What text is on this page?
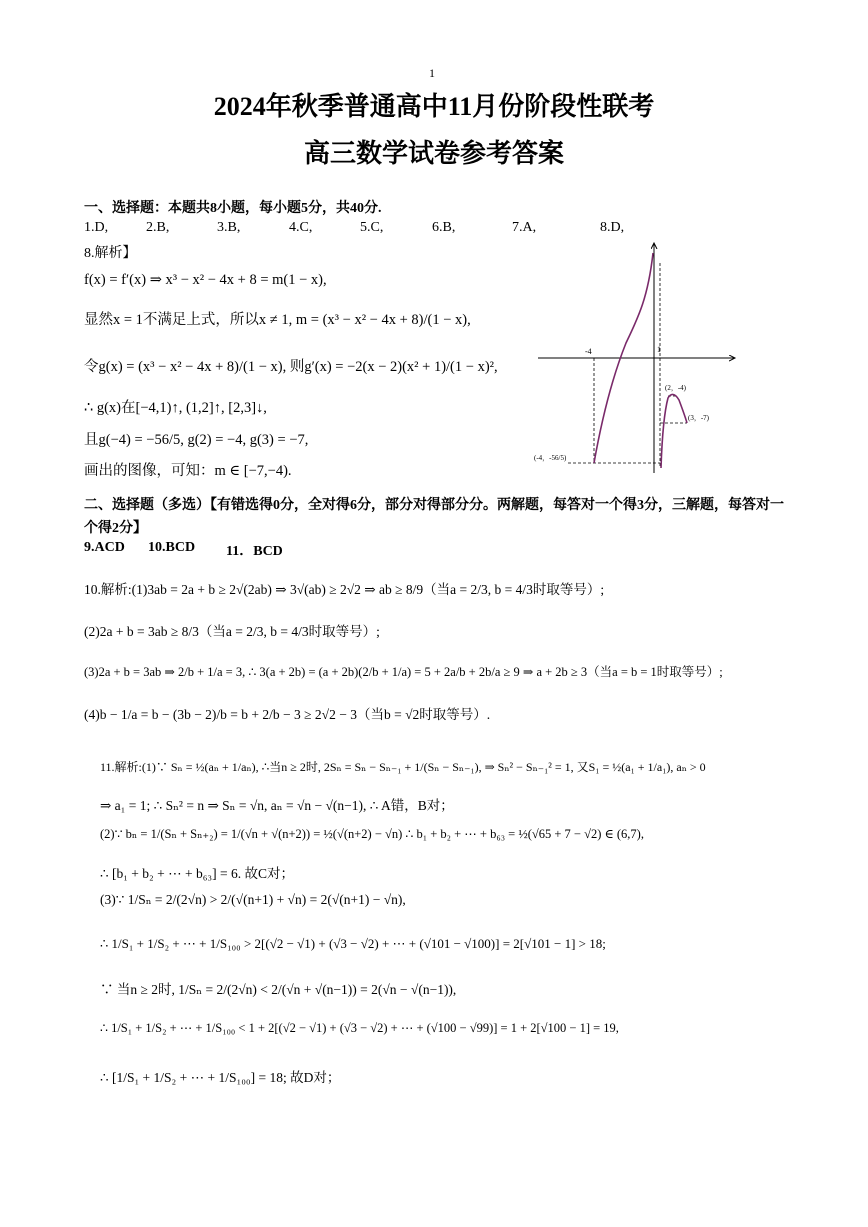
1
2024年秋季普通高中11月份阶段性联考
高三数学试卷参考答案
一、选择题：本题共8小题，每小题5分，共40分.
1.D,	2.B,	3.B,	4.C,	5.C,	6.B,	7.A,	8.D,
8.解析】
f(x) = f′(x) ⇒ x³ − x² − 4x + 8 = m(1 − x),
显然x = 1不满足上式，所以x ≠ 1, m = (x³ − x² − 4x + 8)/(1 − x),
令g(x) = (x³ − x² − 4x + 8)/(1 − x), 则g′(x) = −2(x − 2)(x² + 1)/(1 − x)²,
∴ g(x)在[−4,1)↑, (1,2]↑, [2,3]↓,
且g(−4) = −56/5, g(2) = −4, g(3) = −7,
画出的图像，可知：m ∈ [−7,−4).
-4	1
(2，-4)
(3，-7)
(-4，-56/5)
二、选择题（多选）【有错选得0分，全对得6分，部分对得部分分。两解题，每答对一个得3分，三解题，每答对一个得2分】
9.ACD 10.BCD 11．BCD
10.解析:(1)3ab = 2a + b ≥ 2√(2ab) ⇒ 3√(ab) ≥ 2√2 ⇒ ab ≥ 8/9（当a = 2/3, b = 4/3时取等号）;
(2)2a + b = 3ab ≥ 8/3（当a = 2/3, b = 4/3时取等号）;
(3)2a + b = 3ab ⇒ 2/b + 1/a = 3, ∴ 3(a + 2b) = (a + 2b)(2/b + 1/a) = 5 + 2a/b + 2b/a ≥ 9 ⇒ a + 2b ≥ 3（当a = b = 1时取等号）;
(4)b − 1/a = b − (3b − 2)/b = b + 2/b − 3 ≥ 2√2 − 3（当b = √2时取等号）.
11.解析:(1)∵ Sₙ = ½(aₙ + 1/aₙ), ∴当n ≥ 2时, 2Sₙ = Sₙ − Sₙ₋₁ + 1/(Sₙ − Sₙ₋₁), ⇒ Sₙ² − Sₙ₋₁² = 1, 又S₁ = ½(a₁ + 1/a₁), aₙ > 0
⇒ a₁ = 1; ∴ Sₙ² = n ⇒ Sₙ = √n, aₙ = √n − √(n−1), ∴ A错，B对；
(2)∵ bₙ = 1/(Sₙ + Sₙ₊₂) = 1/(√n + √(n+2)) = ½(√(n+2) − √n) ∴ b₁ + b₂ + ⋯ + b₆₃ = ½(√65 + 7 − √2) ∈ (6,7),
∴ [b₁ + b₂ + ⋯ + b₆₃] = 6. 故C对；
(3)∵ 1/Sₙ = 2/(2√n) > 2/(√(n+1) + √n) = 2(√(n+1) − √n),
∴ 1/S₁ + 1/S₂ + ⋯ + 1/S₁₀₀ > 2[(√2 − √1) + (√3 − √2) + ⋯ + (√101 − √100)] = 2[√101 − 1] > 18;
∵ 当n ≥ 2时, 1/Sₙ = 2/(2√n) < 2/(√n + √(n−1)) = 2(√n − √(n−1)),
∴ 1/S₁ + 1/S₂ + ⋯ + 1/S₁₀₀ < 1 + 2[(√2 − √1) + (√3 − √2) + ⋯ + (√100 − √99)] = 1 + 2[√100 − 1] = 19,
∴ [1/S₁ + 1/S₂ + ⋯ + 1/S₁₀₀] = 18; 故D对；
